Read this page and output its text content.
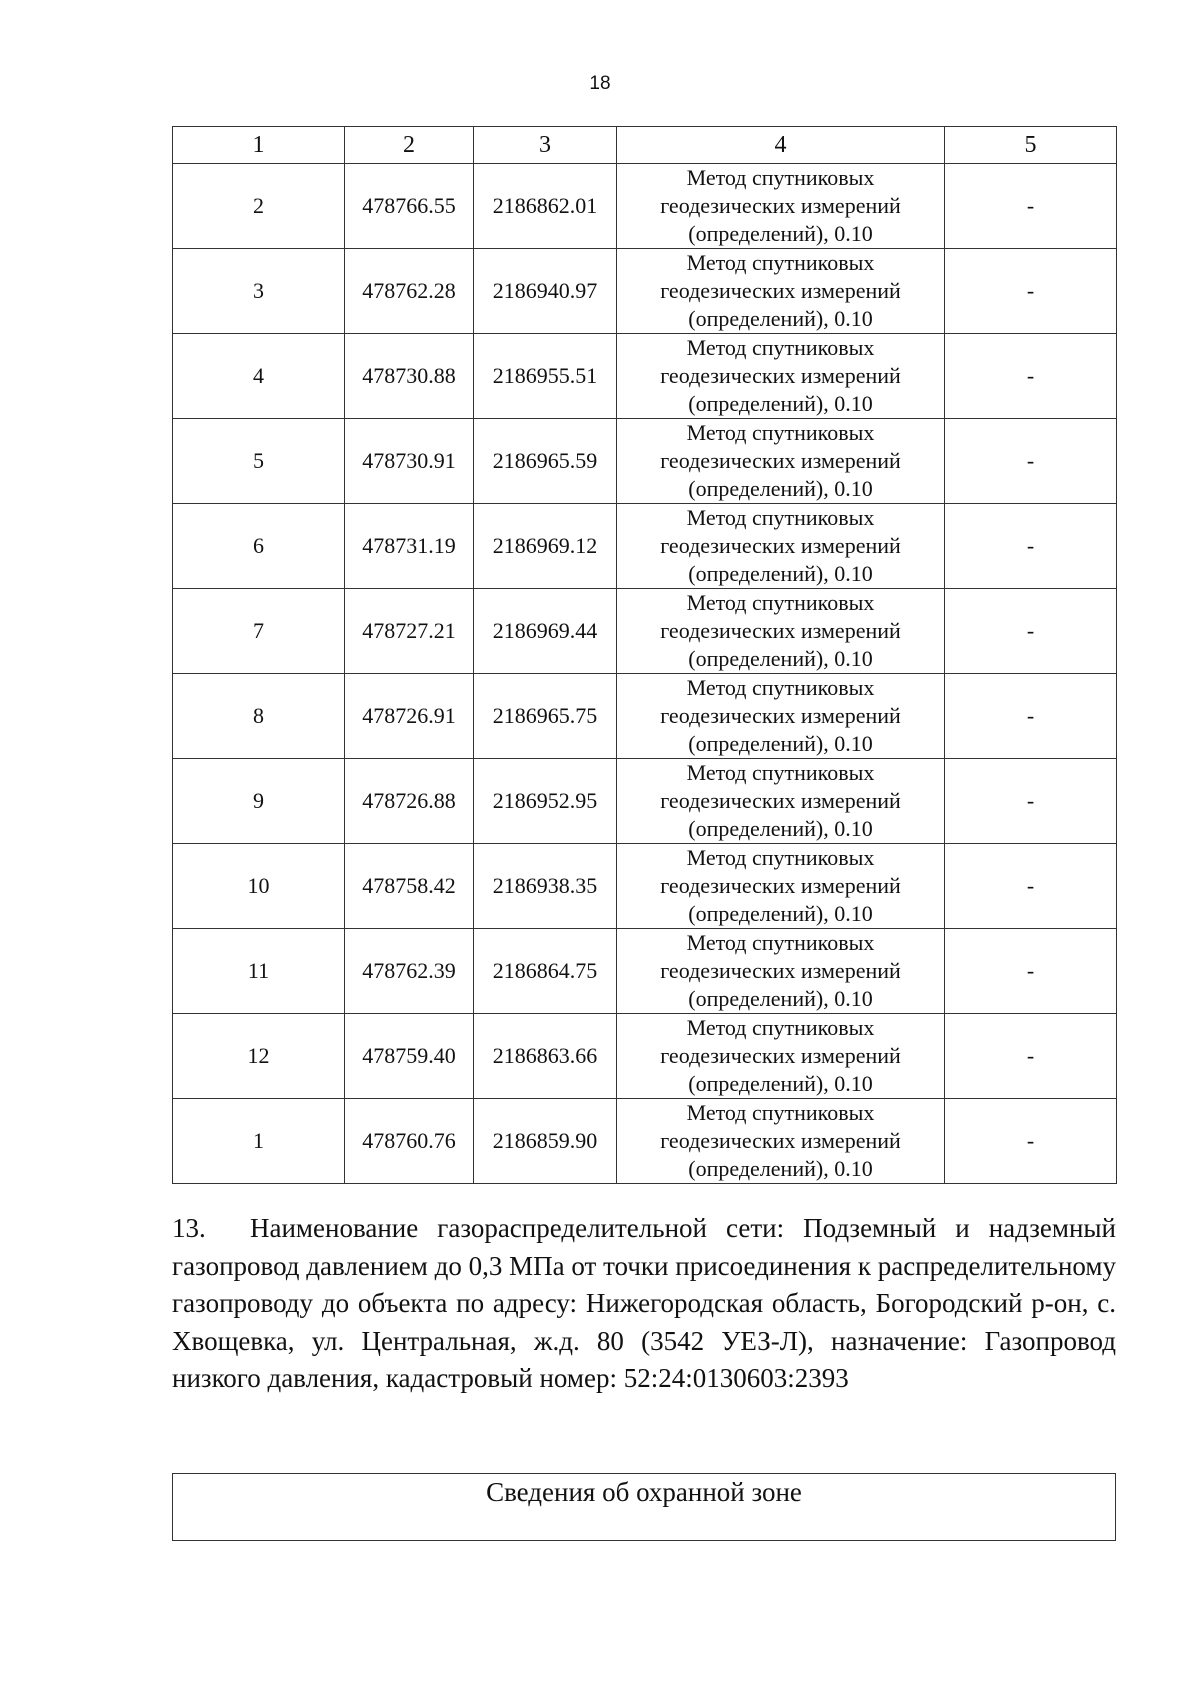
18
1	2	3	4	5
2	478766.55	2186862.01	Метод спутниковых
геодезических измерений
(определений), 0.10	-
3	478762.28	2186940.97	Метод спутниковых
геодезических измерений
(определений), 0.10	-
4	478730.88	2186955.51	Метод спутниковых
геодезических измерений
(определений), 0.10	-
5	478730.91	2186965.59	Метод спутниковых
геодезических измерений
(определений), 0.10	-
6	478731.19	2186969.12	Метод спутниковых
геодезических измерений
(определений), 0.10	-
7	478727.21	2186969.44	Метод спутниковых
геодезических измерений
(определений), 0.10	-
8	478726.91	2186965.75	Метод спутниковых
геодезических измерений
(определений), 0.10	-
9	478726.88	2186952.95	Метод спутниковых
геодезических измерений
(определений), 0.10	-
10	478758.42	2186938.35	Метод спутниковых
геодезических измерений
(определений), 0.10	-
11	478762.39	2186864.75	Метод спутниковых
геодезических измерений
(определений), 0.10	-
12	478759.40	2186863.66	Метод спутниковых
геодезических измерений
(определений), 0.10	-
1	478760.76	2186859.90	Метод спутниковых
геодезических измерений
(определений), 0.10	-

13. Наименование газораспределительной сети: Подземный и надземный газопровод давлением до 0,3 МПа от точки присоединения к распределительному газопроводу до объекта по адресу: Нижегородская область, Богородский р-он, с. Хвощевка, ул. Центральная, ж.д. 80 (3542 УЕЗ-Л), назначение: Газопровод низкого давления, кадастровый номер: 52:24:0130603:2393

Сведения об охранной зоне
